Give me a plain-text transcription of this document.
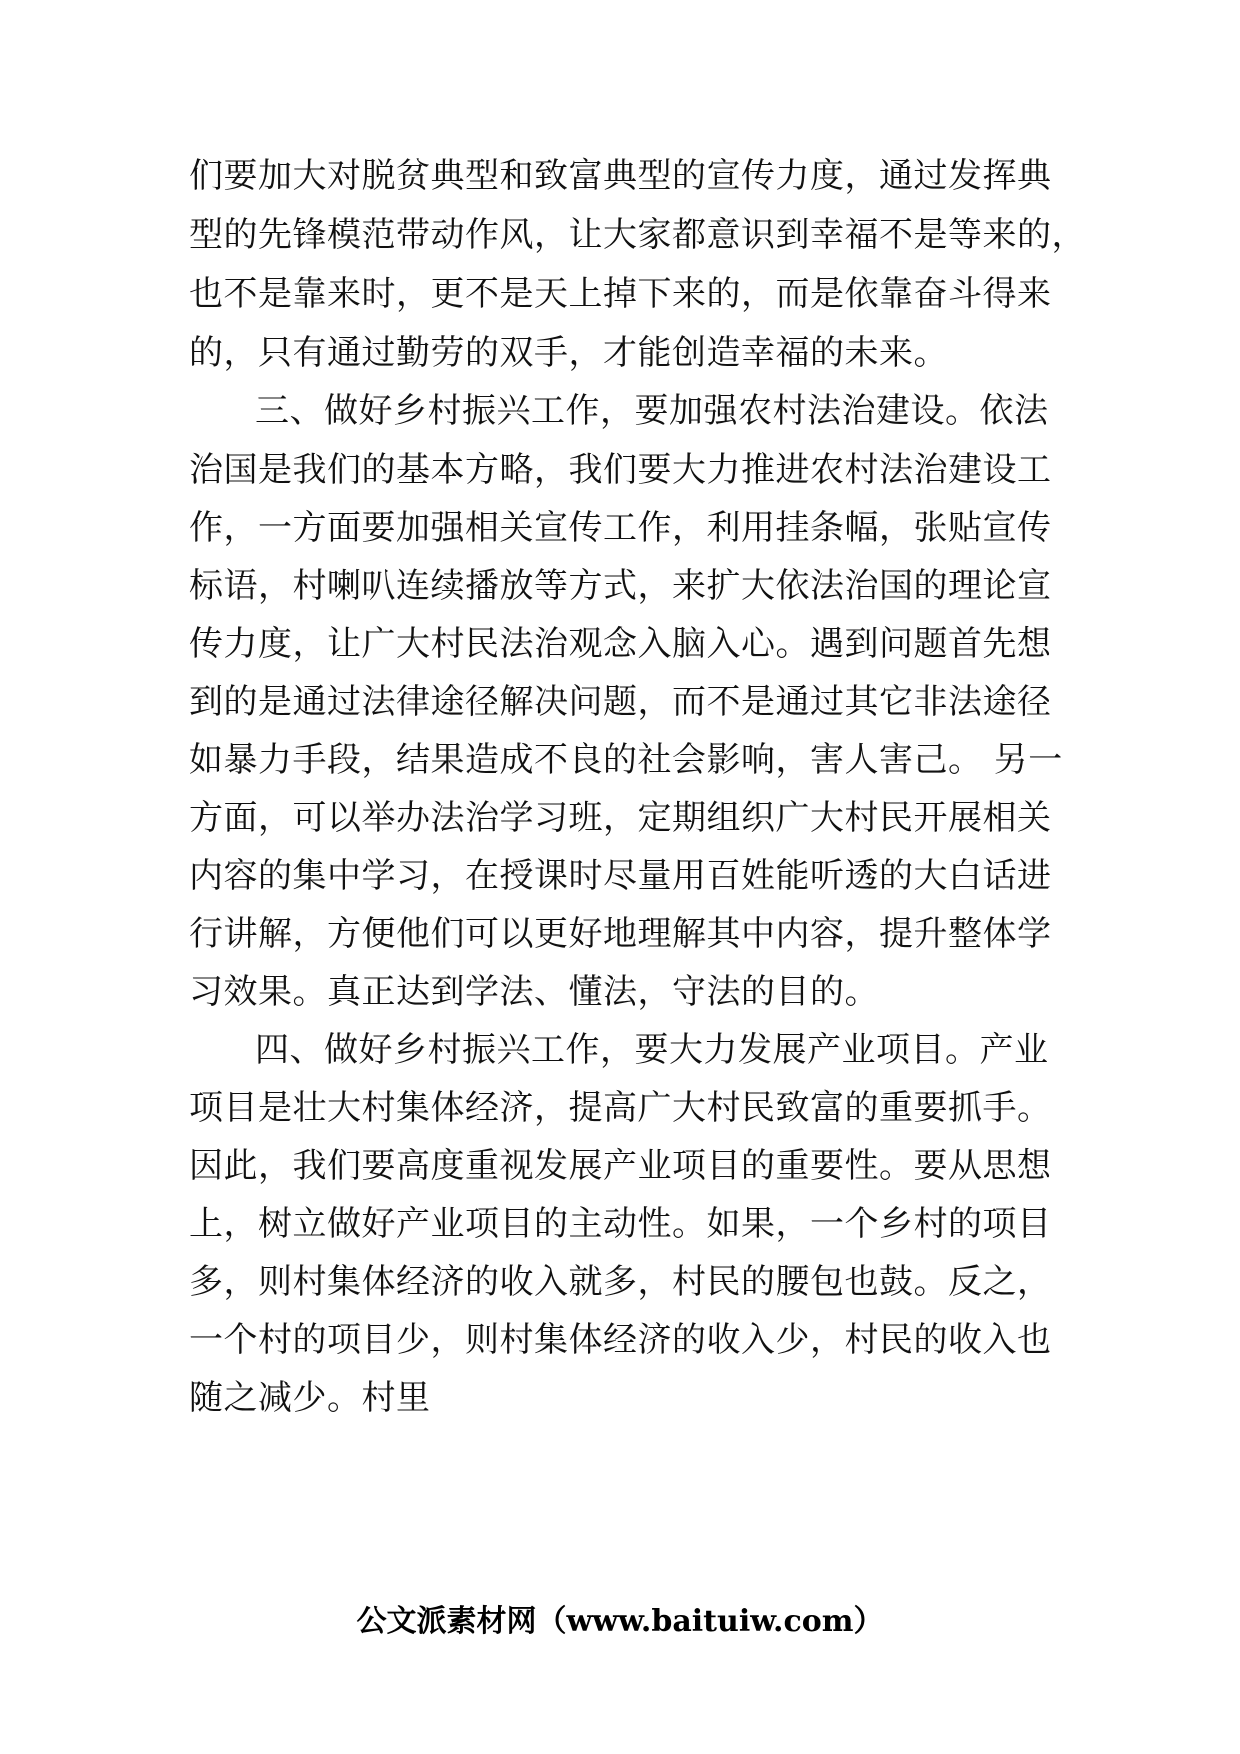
们要加大对脱贫典型和致富典型的宣传力度，通过发挥典
型的先锋模范带动作风，让大家都意识到幸福不是等来的，
也不是靠来时，更不是天上掉下来的，而是依靠奋斗得来
的，只有通过勤劳的双手，才能创造幸福的未来。
三、做好乡村振兴工作，要加强农村法治建设。依法
治国是我们的基本方略，我们要大力推进农村法治建设工
作，一方面要加强相关宣传工作，利用挂条幅，张贴宣传
标语，村喇叭连续播放等方式，来扩大依法治国的理论宣
传力度，让广大村民法治观念入脑入心。遇到问题首先想
到的是通过法律途径解决问题，而不是通过其它非法途径
如暴力手段，结果造成不良的社会影响，害人害己。 另一
方面，可以举办法治学习班，定期组织广大村民开展相关
内容的集中学习，在授课时尽量用百姓能听透的大白话进
行讲解，方便他们可以更好地理解其中内容，提升整体学
习效果。真正达到学法、懂法，守法的目的。
四、做好乡村振兴工作，要大力发展产业项目。产业
项目是壮大村集体经济，提高广大村民致富的重要抓手。
因此，我们要高度重视发展产业项目的重要性。要从思想
上，树立做好产业项目的主动性。如果，一个乡村的项目
多，则村集体经济的收入就多，村民的腰包也鼓。反之，
一个村的项目少，则村集体经济的收入少，村民的收入也
随之减少。村里
公文派素材网（www.baituiw.com）
